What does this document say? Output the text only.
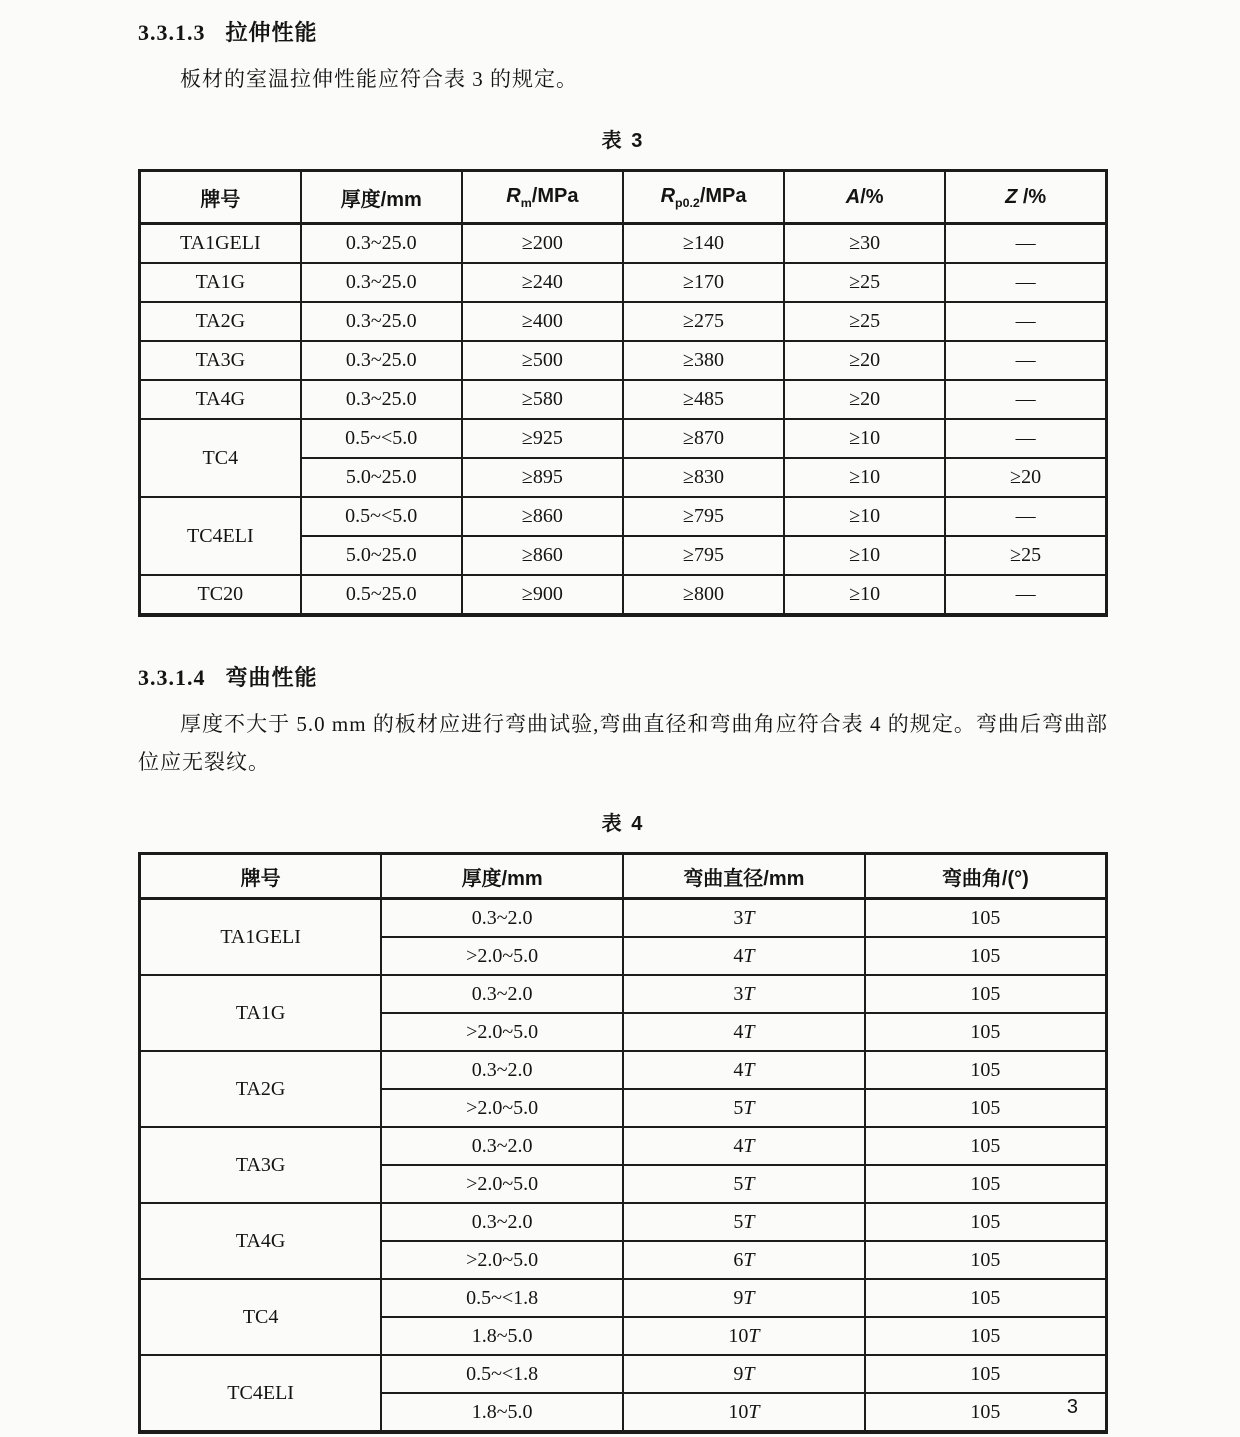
3.3.1.3 拉伸性能

板材的室温拉伸性能应符合表 3 的规定。

表 3
牌号	厚度/mm	$R_m$/MPa	$R_{p0.2}$/MPa	A/%	Z /%
TA1GELI	0.3~25.0	≥200	≥140	≥30	—
TA1G	0.3~25.0	≥240	≥170	≥25	—
TA2G	0.3~25.0	≥400	≥275	≥25	—
TA3G	0.3~25.0	≥500	≥380	≥20	—
TA4G	0.3~25.0	≥580	≥485	≥20	—
TC4	0.5~<5.0	≥925	≥870	≥10	—
	5.0~25.0	≥895	≥830	≥10	≥20
TC4ELI	0.5~<5.0	≥860	≥795	≥10	—
	5.0~25.0	≥860	≥795	≥10	≥25
TC20	0.5~25.0	≥900	≥800	≥10	—
3.3.1.4 弯曲性能

厚度不大于 5.0 mm 的板材应进行弯曲试验,弯曲直径和弯曲角应符合表 4 的规定。弯曲后弯曲部位应无裂纹。

表 4
牌号	厚度/mm	弯曲直径/mm	弯曲角/(°)
TA1GELI	0.3~2.0	3T	105
	>2.0~5.0	4T	105
TA1G	0.3~2.0	3T	105
	>2.0~5.0	4T	105
TA2G	0.3~2.0	4T	105
	>2.0~5.0	5T	105
TA3G	0.3~2.0	4T	105
	>2.0~5.0	5T	105
TA4G	0.3~2.0	5T	105
	>2.0~5.0	6T	105
TC4	0.5~<1.8	9T	105
	1.8~5.0	10T	105
TC4ELI	0.5~<1.8	9T	105
	1.8~5.0	10T	105	3
